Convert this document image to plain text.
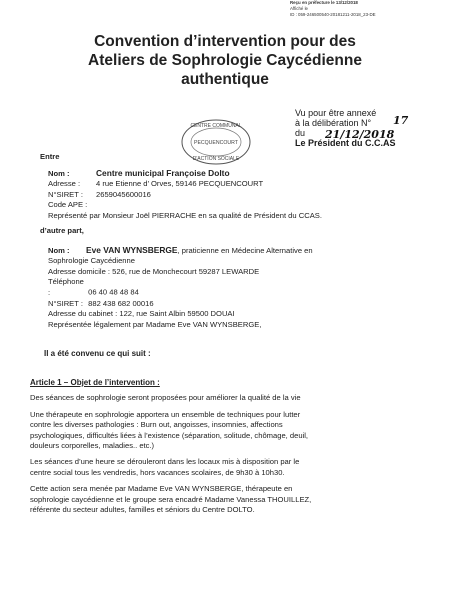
Reçu en préfecture le 13/12/2018
Affiché le
ID : 059-246500540-20181211-2018_23-DE
Convention d’intervention pour des
Ateliers de Sophrologie Caycédienne
authentique
CENTRE COMMUNAL
PECQUENCOURT
D'ACTION SOCIALE
Vu pour être annexé
à la délibération N°
du
Le Président du C.C.AS
17
21/12/2018
Entre
Nom :	Centre municipal Françoise Dolto
Adresse : 4 rue Etienne d’ Orves, 59146 PECQUENCOURT
N°SIRET : 2659045600016
Code APE :
Représenté par Monsieur Joël PIERRACHE en sa qualité de Président du CCAS.
d’autre part,
Nom : Eve VAN WYNSBERGE, praticienne en Médecine Alternative en
Sophrologie Caycédienne
Adresse domicile : 526, rue de Monchecourt 59287 LEWARDE
Téléphone :	06 40 48 48 84
N°SIRET : 882 438 682 00016
Adresse du cabinet : 122, rue Saint Albin 59500 DOUAI
Représentée légalement par Madame Eve VAN WYNSBERGE,
Il a été convenu ce qui suit :
Article 1 – Objet de l’intervention :
Des séances de sophrologie seront proposées pour améliorer la qualité de la vie
Une thérapeute en sophrologie apportera un ensemble de techniques pour lutter
contre les diverses pathologies : Burn out, angoisses, insomnies, affections
psychologiques, difficultés liées à l’existence (séparation, solitude, chômage, deuil,
douleurs corporelles, maladies.. etc.)
Les séances d’une heure se dérouleront dans les locaux mis à disposition par le
centre social tous les vendredis, hors vacances scolaires, de 9h30 à 10h30.
Cette action sera menée par Madame Eve VAN WYNSBERGE, thérapeute en
sophrologie caycédienne et le groupe sera encadré Madame Vanessa THOUILLEZ,
référente du secteur adultes, familles et séniors du Centre DOLTO.
